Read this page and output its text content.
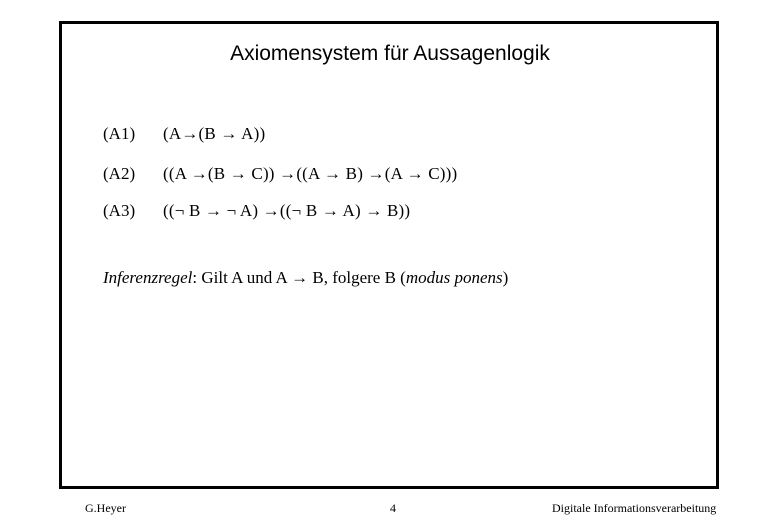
Axiomensystem für Aussagenlogik
(A1) (A→(B → A))
(A2) ((A →(B → C)) →((A → B) →(A → C)))
(A3) ((¬ B → ¬ A) →((¬ B → A) → B))
Inferenzregel: Gilt A und A → B, folgere B (modus ponens)
G.Heyer	4	Digitale Informationsverarbeitung
